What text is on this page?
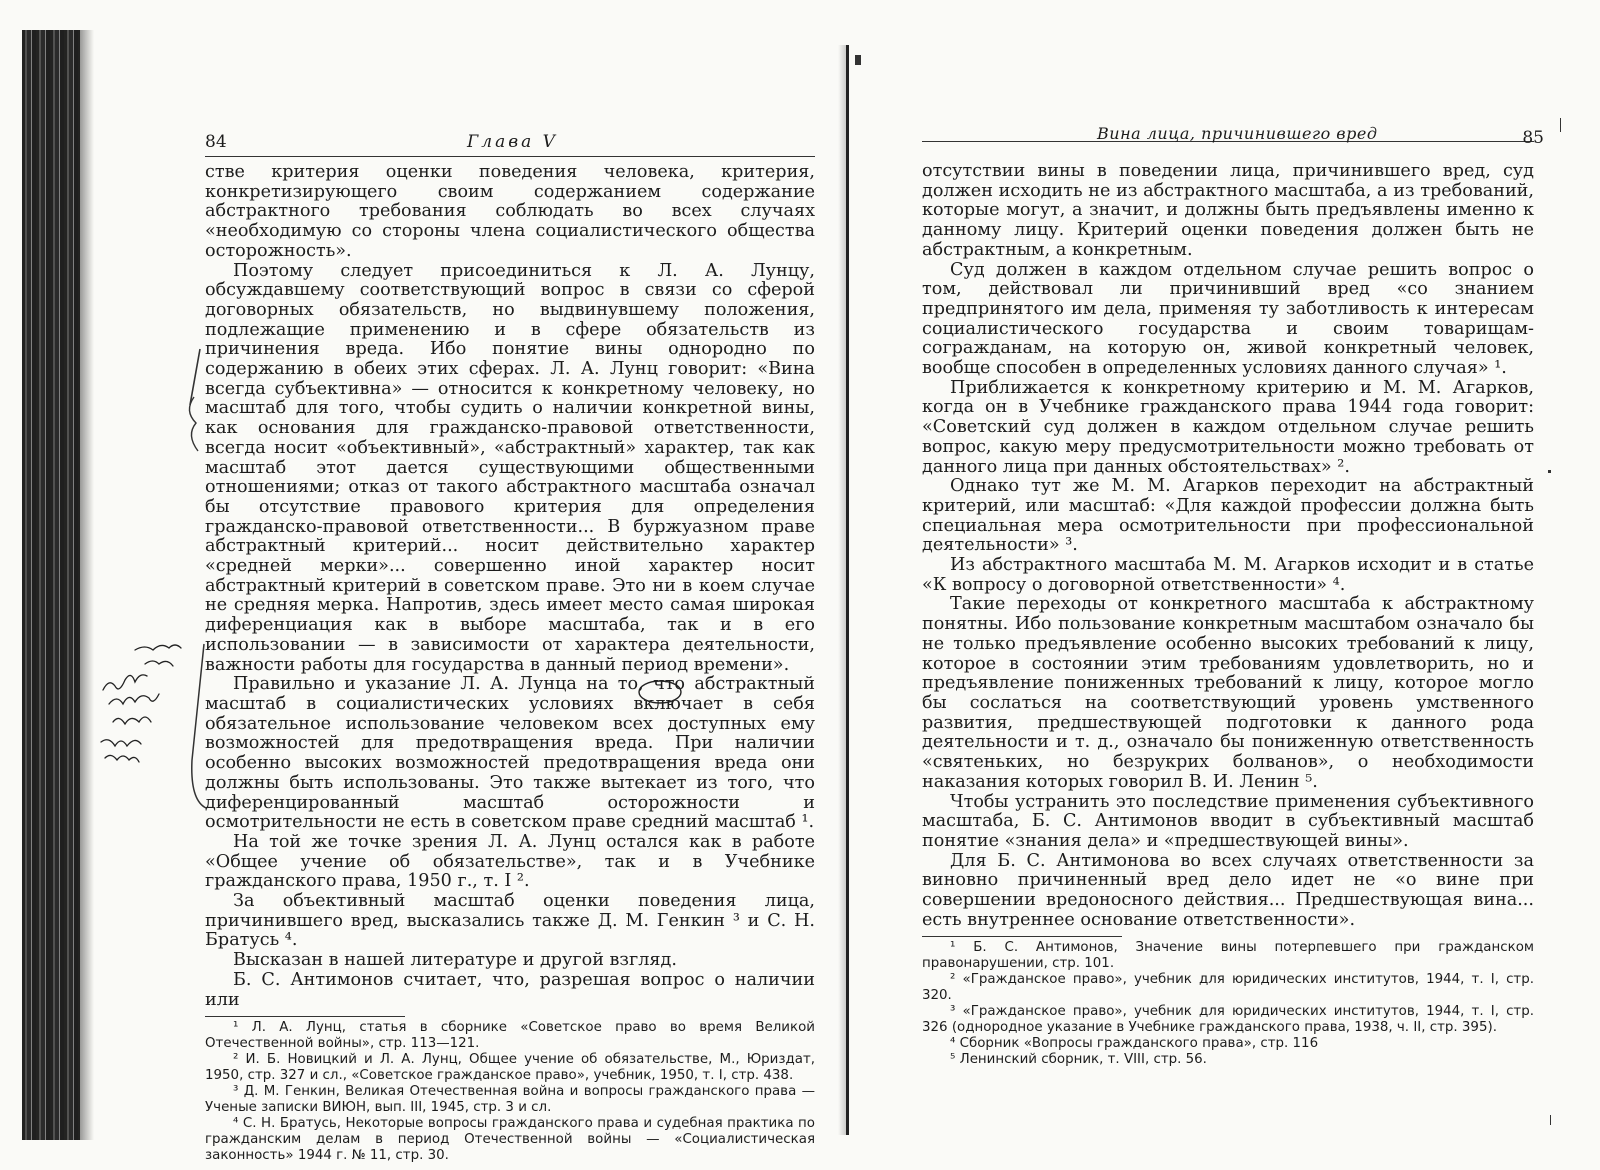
84	Глава V

стве критерия оценки поведения человека, критерия, конкретизирующего своим содержанием содержание абстрактного требования соблюдать во всех случаях «необходимую со стороны члена социалистического общества осторожность».

Поэтому следует присоединиться к Л. А. Лунцу, обсуждавшему соответствующий вопрос в связи со сферой договорных обязательств, но выдвинувшему положения, подлежащие применению и в сфере обязательств из причинения вреда. Ибо понятие вины однородно по содержанию в обеих этих сферах. Л. А. Лунц говорит: «Вина всегда субъективна» — относится к конкретному человеку, но масштаб для того, чтобы судить о наличии конкретной вины, как основания для гражданско-правовой ответственности, всегда носит «объективный», «абстрактный» характер, так как масштаб этот дается существующими общественными отношениями; отказ от такого абстрактного масштаба означал бы отсутствие правового критерия для определения гражданско-правовой ответственности... В буржуазном праве абстрактный критерий... носит действительно характер «средней мерки»... совершенно иной характер носит абстрактный критерий в советском праве. Это ни в коем случае не средняя мерка. Напротив, здесь имеет место самая широкая диференциация как в выборе масштаба, так и в его использовании — в зависимости от характера деятельности, важности работы для государства в данный период времени».

Правильно и указание Л. А. Лунца на то, что абстрактный масштаб в социалистических условиях включает в себя обязательное использование человеком всех доступных ему возможностей для предотвращения вреда. При наличии особенно высоких возможностей предотвращения вреда они должны быть использованы. Это также вытекает из того, что диференцированный масштаб осторожности и осмотрительности не есть в советском праве средний масштаб ¹.

На той же точке зрения Л. А. Лунц остался как в работе «Общее учение об обязательстве», так и в Учебнике гражданского права, 1950 г., т. I ².

За объективный масштаб оценки поведения лица, причинившего вред, высказались также Д. М. Генкин ³ и С. Н. Братусь ⁴.

Высказан в нашей литературе и другой взгляд.

Б. С. Антимонов считает, что, разрешая вопрос о наличии или

¹ Л. А. Лунц, статья в сборнике «Советское право во время Великой Отечественной войны», стр. 113—121.

² И. Б. Новицкий и Л. А. Лунц, Общее учение об обязательстве, М., Юриздат, 1950, стр. 327 и сл., «Советское гражданское право», учебник, 1950, т. I, стр. 438.

³ Д. М. Генкин, Великая Отечественная война и вопросы гражданского права — Ученые записки ВИЮН, вып. III, 1945, стр. 3 и сл.

⁴ С. Н. Братусь, Некоторые вопросы гражданского права и судебная практика по гражданским делам в период Отечественной войны — «Социалистическая законность» 1944 г. № 11, стр. 30.

Вина лица, причинившего вред	85

отсутствии вины в поведении лица, причинившего вред, суд должен исходить не из абстрактного масштаба, а из требований, которые могут, а значит, и должны быть предъявлены именно к данному лицу. Критерий оценки поведения должен быть не абстрактным, а конкретным.

Суд должен в каждом отдельном случае решить вопрос о том, действовал ли причинивший вред «со знанием предпринятого им дела, применяя ту заботливость к интересам социалистического государства и своим товарищам-согражданам, на которую он, живой конкретный человек, вообще способен в определенных условиях данного случая» ¹.

Приближается к конкретному критерию и М. М. Агарков, когда он в Учебнике гражданского права 1944 года говорит: «Советский суд должен в каждом отдельном случае решить вопрос, какую меру предусмотрительности можно требовать от данного лица при данных обстоятельствах» ².

Однако тут же М. М. Агарков переходит на абстрактный критерий, или масштаб: «Для каждой профессии должна быть специальная мера осмотрительности при профессиональной деятельности» ³.

Из абстрактного масштаба М. М. Агарков исходит и в статье «К вопросу о договорной ответственности» ⁴.

Такие переходы от конкретного масштаба к абстрактному понятны. Ибо пользование конкретным масштабом означало бы не только предъявление особенно высоких требований к лицу, которое в состоянии этим требованиям удовлетворить, но и предъявление пониженных требований к лицу, которое могло бы сослаться на соответствующий уровень умственного развития, предшествующей подготовки к данного рода деятельности и т. д., означало бы пониженную ответственность «святеньких, но безрукрих болванов», о необходимости наказания которых говорил В. И. Ленин ⁵.

Чтобы устранить это последствие применения субъективного масштаба, Б. С. Антимонов вводит в субъективный масштаб понятие «знания дела» и «предшествующей вины».

Для Б. С. Антимонова во всех случаях ответственности за виновно причиненный вред дело идет не «о вине при совершении вредоносного действия... Предшествующая вина... есть внутреннее основание ответственности».

¹ Б. С. Антимонов, Значение вины потерпевшего при гражданском правонарушении, стр. 101.

² «Гражданское право», учебник для юридических институтов, 1944, т. I, стр. 320.

³ «Гражданское право», учебник для юридических институтов, 1944, т. I, стр. 326 (однородное указание в Учебнике гражданского права, 1938, ч. II, стр. 395).

⁴ Сборник «Вопросы гражданского права», стр. 116

⁵ Ленинский сборник, т. VIII, стр. 56.
